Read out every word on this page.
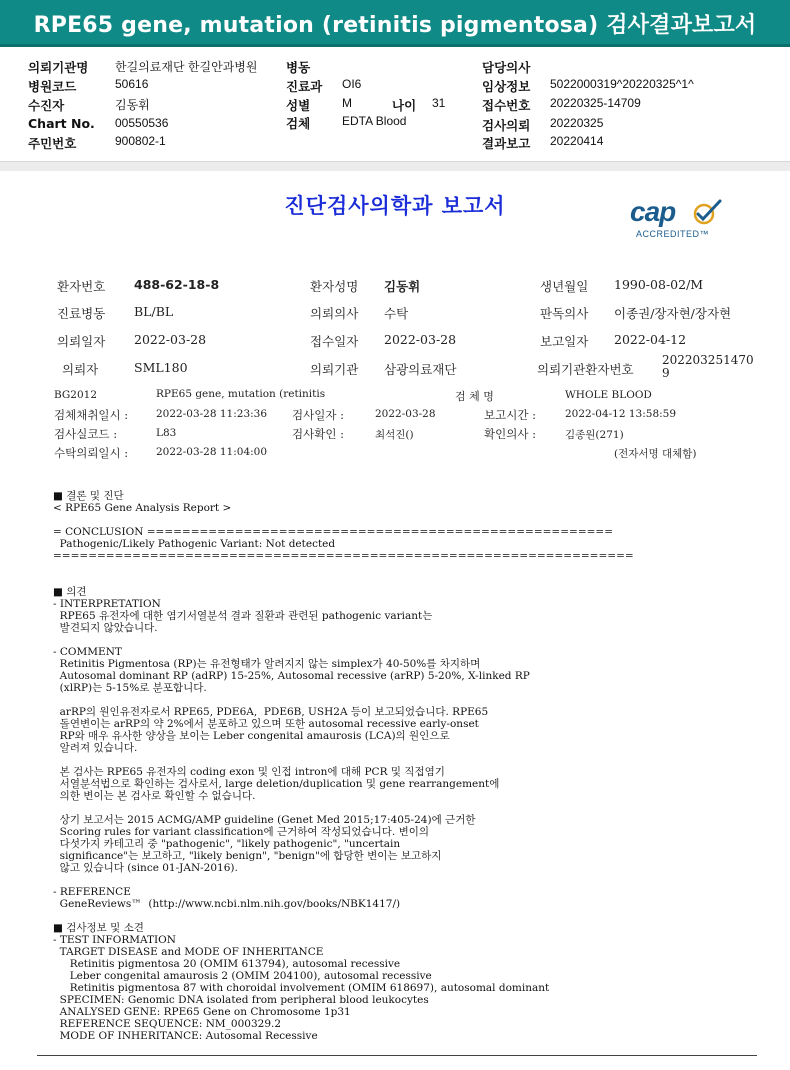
RPE65 gene, mutation (retinitis pigmentosa) 검사결과보고서
의뢰기관명 한길의료재단 한길안과병원
병원코드	50616
수진자	김동휘
Chart No. 00550536
주민번호	900802-1
병동
진료과 OI6
성별	M	나이 31
검체	EDTA Blood
담당의사
임상정보 5022000319^20220325^1^
접수번호 20220325-14709
검사의뢰 20220325
결과보고 20220414
진단검사의학과 보고서	cap
ACCREDITED™
환자번호 488-62-18-8	환자성명 김동휘	생년월일 1990-08-02/M
진료병동 BL/BL	의뢰의사 수탁	판독의사 이종권/장자현/장자현
의뢰일자 2022-03-28	접수일자 2022-03-28	보고일자 2022-04-12
의뢰자	SML180	의뢰기관 삼광의료재단	의뢰기관환자번호
202203251470
9
BG2012	RPE65 gene, mutation (retinitis	검 체 명	WHOLE BLOOD
검체채취일시 :	2022-03-28 11:23:36 검사일자 :	2022-03-28	보고시간 :	2022-04-12 13:58:59
검사실코드 :	L83	검사확인 :	최석진()	확인의사 :	김종원(271)
수탁의뢰일시 :	2022-03-28 11:04:00	(전자서명 대체함)
■ 결론 및 진단
< RPE65 Gene Analysis Report >
= CONCLUSION =====================================================
Pathogenic/Likely Pathogenic Variant: Not detected
==================================================================
■ 의견
- INTERPRETATION
RPE65 유전자에 대한 염기서열분석 결과 질환과 관련된 pathogenic variant는
발견되지 않았습니다.
- COMMENT
Retinitis Pigmentosa (RP)는 유전형태가 알려지지 않는 simplex가 40-50%를 차지하며
Autosomal dominant RP (adRP) 15-25%, Autosomal recessive (arRP) 5-20%, X-linked RP
(xlRP)는 5-15%로 분포합니다.
arRP의 원인유전자로서 RPE65, PDE6A,  PDE6B, USH2A 등이 보고되었습니다. RPE65
돌연변이는 arRP의 약 2%에서 분포하고 있으며 또한 autosomal recessive early-onset
RP와 매우 유사한 양상을 보이는 Leber congenital amaurosis (LCA)의 원인으로
알려져 있습니다.
본 검사는 RPE65 유전자의 coding exon 및 인접 intron에 대해 PCR 및 직접염기
서열분석법으로 확인하는 검사로서, large deletion/duplication 및 gene rearrangement에
의한 변이는 본 검사로 확인할 수 없습니다.
상기 보고서는 2015 ACMG/AMP guideline (Genet Med 2015;17:405-24)에 근거한
Scoring rules for variant classification에 근거하여 작성되었습니다. 변이의
다섯가지 카테고리 중 "pathogenic", "likely pathogenic", "uncertain
significance"는 보고하고, "likely benign", "benign"에 합당한 변이는 보고하지
않고 있습니다 (since 01-JAN-2016).
- REFERENCE
GeneReviews™  (http://www.ncbi.nlm.nih.gov/books/NBK1417/)
■ 검사정보 및 소견
- TEST INFORMATION
TARGET DISEASE and MODE OF INHERITANCE
Retinitis pigmentosa 20 (OMIM 613794), autosomal recessive
Leber congenital amaurosis 2 (OMIM 204100), autosomal recessive
Retinitis pigmentosa 87 with choroidal involvement (OMIM 618697), autosomal dominant
SPECIMEN: Genomic DNA isolated from peripheral blood leukocytes
ANALYSED GENE: RPE65 Gene on Chromosome 1p31
REFERENCE SEQUENCE: NM_000329.2
MODE OF INHERITANCE: Autosomal Recessive
